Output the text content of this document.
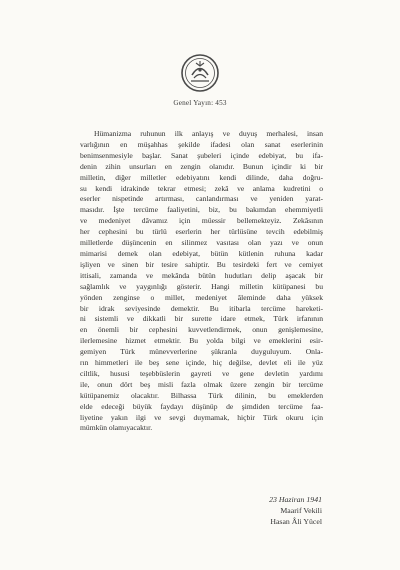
Genel Yayın: 453
Hümanizma ruhunun ilk anlayış ve duyuş merhalesi, insan
varlığının en müşahhas şekilde ifadesi olan sanat eserlerinin
benimsenmesiyle başlar. Sanat şubeleri içinde edebiyat, bu ifa-
denin zihin unsurları en zengin olanıdır. Bunun içindir ki bir
milletin, diğer milletler edebiyatını kendi dilinde, daha doğru-
su kendi idrakinde tekrar etmesi; zekâ ve anlama kudretini o
eserler nispetinde artırması, canlandırması ve yeniden yarat-
masıdır. İşte tercüme faaliyetini, biz, bu bakımdan ehemmiyetli
ve medeniyet dâvamız için müessir bellemekteyiz. Zekâsının
her cephesini bu türlü eserlerin her türlüsüne tevcih edebilmiş
milletlerde düşüncenin en silinmez vasıtası olan yazı ve onun
mimarisi demek olan edebiyat, bütün kütlenin ruhuna kadar
işliyen ve sinen bir tesire sahiptir. Bu tesirdeki fert ve cemiyet
ittisali, zamanda ve mekânda bütün hudutları delip aşacak bir
sağlamlık ve yaygınlığı gösterir. Hangi milletin kütüpanesi bu
yönden zenginse o millet, medeniyet âleminde daha yüksek
bir idrak seviyesinde demektir. Bu itibarla tercüme hareketi-
ni sistemli ve dikkatli bir surette idare etmek, Türk irfanının
en önemli bir cephesini kuvvetlendirmek, onun genişlemesine,
ilerlemesine hizmet etmektir. Bu yolda bilgi ve emeklerini esir-
gemiyen Türk münevverlerine şükranla duyguluyum. Onla-
rın himmetleri ile beş sene içinde, hiç değilse, devlet eli ile yüz
ciltlik, hususi teşebbüslerin gayreti ve gene devletin yardımı
ile, onun dört beş misli fazla olmak üzere zengin bir tercüme
kütüpanemiz olacaktır. Bilhassa Türk dilinin, bu emeklerden
elde edeceği büyük faydayı düşünüp de şimdiden tercüme faa-
liyetine yakın ilgi ve sevgi duymamak, hiçbir Türk okuru için
mümkün olamıyacaktır.
23 Haziran 1941
Maarif Vekili
Hasan Âli Yücel
